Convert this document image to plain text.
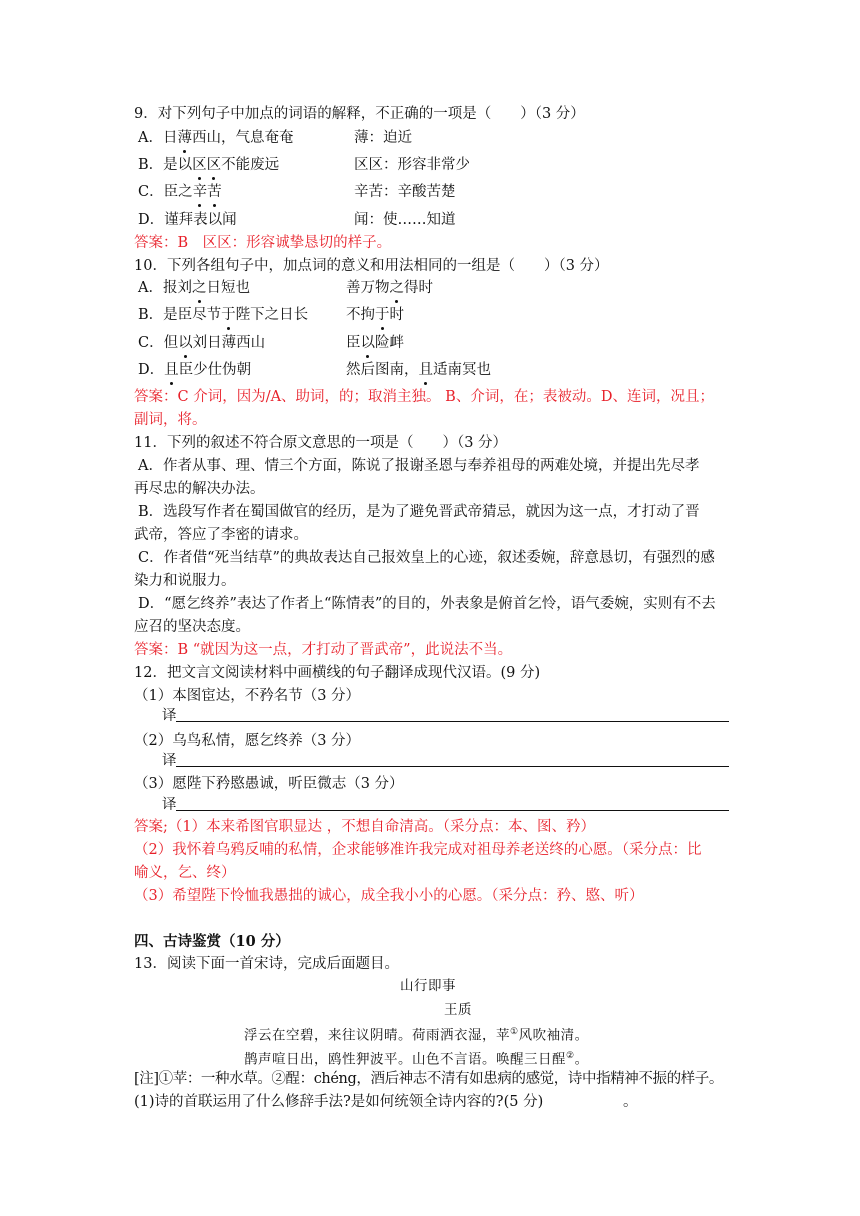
9．对下列句子中加点的词语的解释，不正确的一项是（　　）（3 分）
A．日薄西山，气息奄奄	薄：迫近
B．是以区区不能废远	区区：形容非常少
C．臣之辛苦	辛苦：辛酸苦楚
D．谨拜表以闻	闻：使……知道
答案：B　区区：形容诚挚恳切的样子。
10．下列各组句子中，加点词的意义和用法相同的一组是（　　）（3 分）
A．报刘之日短也	善万物之得时
B．是臣尽节于陛下之日长	不拘于时
C．但以刘日薄西山	臣以险衅
D．且臣少仕伪朝	然后图南，且适南冥也
答案：C 介词，因为/A、助词，的；取消主独。 B、介词，在；表被动。D、连词，况且；
副词，将。
11．下列的叙述不符合原文意思的一项是（　　）（3 分）
A．作者从事、理、情三个方面，陈说了报谢圣恩与奉养祖母的两难处境，并提出先尽孝
再尽忠的解决办法。
B．选段写作者在蜀国做官的经历，是为了避免晋武帝猜忌，就因为这一点，才打动了晋
武帝，答应了李密的请求。
C．作者借“死当结草”的典故表达自己报效皇上的心迹，叙述委婉，辞意恳切，有强烈的感
染力和说服力。
D．“愿乞终养”表达了作者上“陈情表”的目的，外表象是俯首乞怜，语气委婉，实则有不去
应召的坚决态度。
答案：B “就因为这一点，才打动了晋武帝”，此说法不当。
12．把文言文阅读材料中画横线的句子翻译成现代汉语。(9 分)
（1）本图宦达，不矜名节（3 分）
译
（2）乌鸟私情，愿乞终养（3 分）
译
（3）愿陛下矜愍愚诚，听臣微志（3 分）
译
答案;（1）本来希图官职显达 ，不想自命清高。（采分点：本、图、矜）
（2）我怀着乌鸦反哺的私情，企求能够准许我完成对祖母养老送终的心愿。（采分点：比
喻义，乞、终）
（3）希望陛下怜恤我愚拙的诚心，成全我小小的心愿。（采分点：矜、愍、听）
四、古诗鉴赏（10 分）
13．阅读下面一首宋诗，完成后面题目。
山行即事
王质
浮云在空碧，来往议阴晴。荷雨洒衣湿，苹①风吹袖清。
鹊声喧日出，鸥性狎波平。山色不言语。唤醒三日酲②。
[注]①苹：一种水草。②酲：chéng，酒后神志不清有如患病的感觉，诗中指精神不振的样子。
(1)诗的首联运用了什么修辞手法?是如何统领全诗内容的?(5 分)	。
